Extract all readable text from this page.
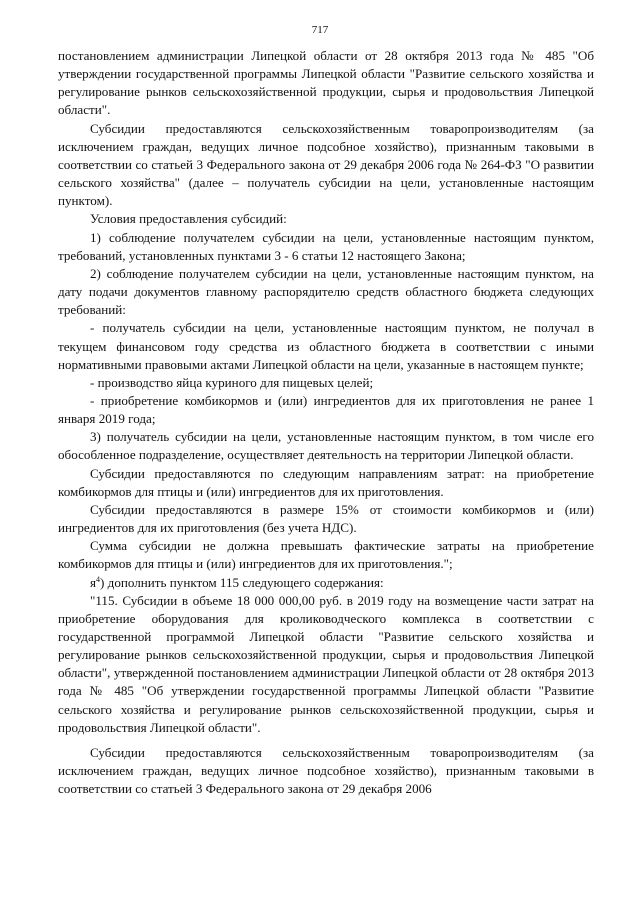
717

постановлением администрации Липецкой области от 28 октября 2013 года № 485 "Об утверждении государственной программы Липецкой области "Развитие сельского хозяйства и регулирование рынков сельскохозяйственной продукции, сырья и продовольствия Липецкой области".

Субсидии предоставляются сельскохозяйственным товаропроизводителям (за исключением граждан, ведущих личное подсобное хозяйство), признанным таковыми в соответствии со статьей 3 Федерального закона от 29 декабря 2006 года № 264-ФЗ "О развитии сельского хозяйства" (далее – получатель субсидии на цели, установленные настоящим пунктом).

Условия предоставления субсидий:

1) соблюдение получателем субсидии на цели, установленные настоящим пунктом, требований, установленных пунктами 3 - 6 статьи 12 настоящего Закона;

2) соблюдение получателем субсидии на цели, установленные настоящим пунктом, на дату подачи документов главному распорядителю средств областного бюджета следующих требований:

- получатель субсидии на цели, установленные настоящим пунктом, не получал в текущем финансовом году средства из областного бюджета в соответствии с иными нормативными правовыми актами Липецкой области на цели, указанные в настоящем пункте;

- производство яйца куриного для пищевых целей;

- приобретение комбикормов и (или) ингредиентов для их приготовления не ранее 1 января 2019 года;

3) получатель субсидии на цели, установленные настоящим пунктом, в том числе его обособленное подразделение, осуществляет деятельность на территории Липецкой области.

Субсидии предоставляются по следующим направлениям затрат: на приобретение комбикормов для птицы и (или) ингредиентов для их приготовления.

Субсидии предоставляются в размере 15% от стоимости комбикормов и (или) ингредиентов для их приготовления (без учета НДС).

Сумма субсидии не должна превышать фактические затраты на приобретение комбикормов для птицы и (или) ингредиентов для их приготовления.";

$я^4$) дополнить пунктом 115 следующего содержания:

"115. Субсидии в объеме 18 000 000,00 руб. в 2019 году на возмещение части затрат на приобретение оборудования для кролиководческого комплекса в соответствии с государственной программой Липецкой области "Развитие сельского хозяйства и регулирование рынков сельскохозяйственной продукции, сырья и продовольствия Липецкой области", утвержденной постановлением администрации Липецкой области от 28 октября 2013 года № 485 "Об утверждении государственной программы Липецкой области "Развитие сельского хозяйства и регулирование рынков сельскохозяйственной продукции, сырья и продовольствия Липецкой области".

Субсидии предоставляются сельскохозяйственным товаропроизводителям (за исключением граждан, ведущих личное подсобное хозяйство), признанным таковыми в соответствии со статьей 3 Федерального закона от 29 декабря 2006
